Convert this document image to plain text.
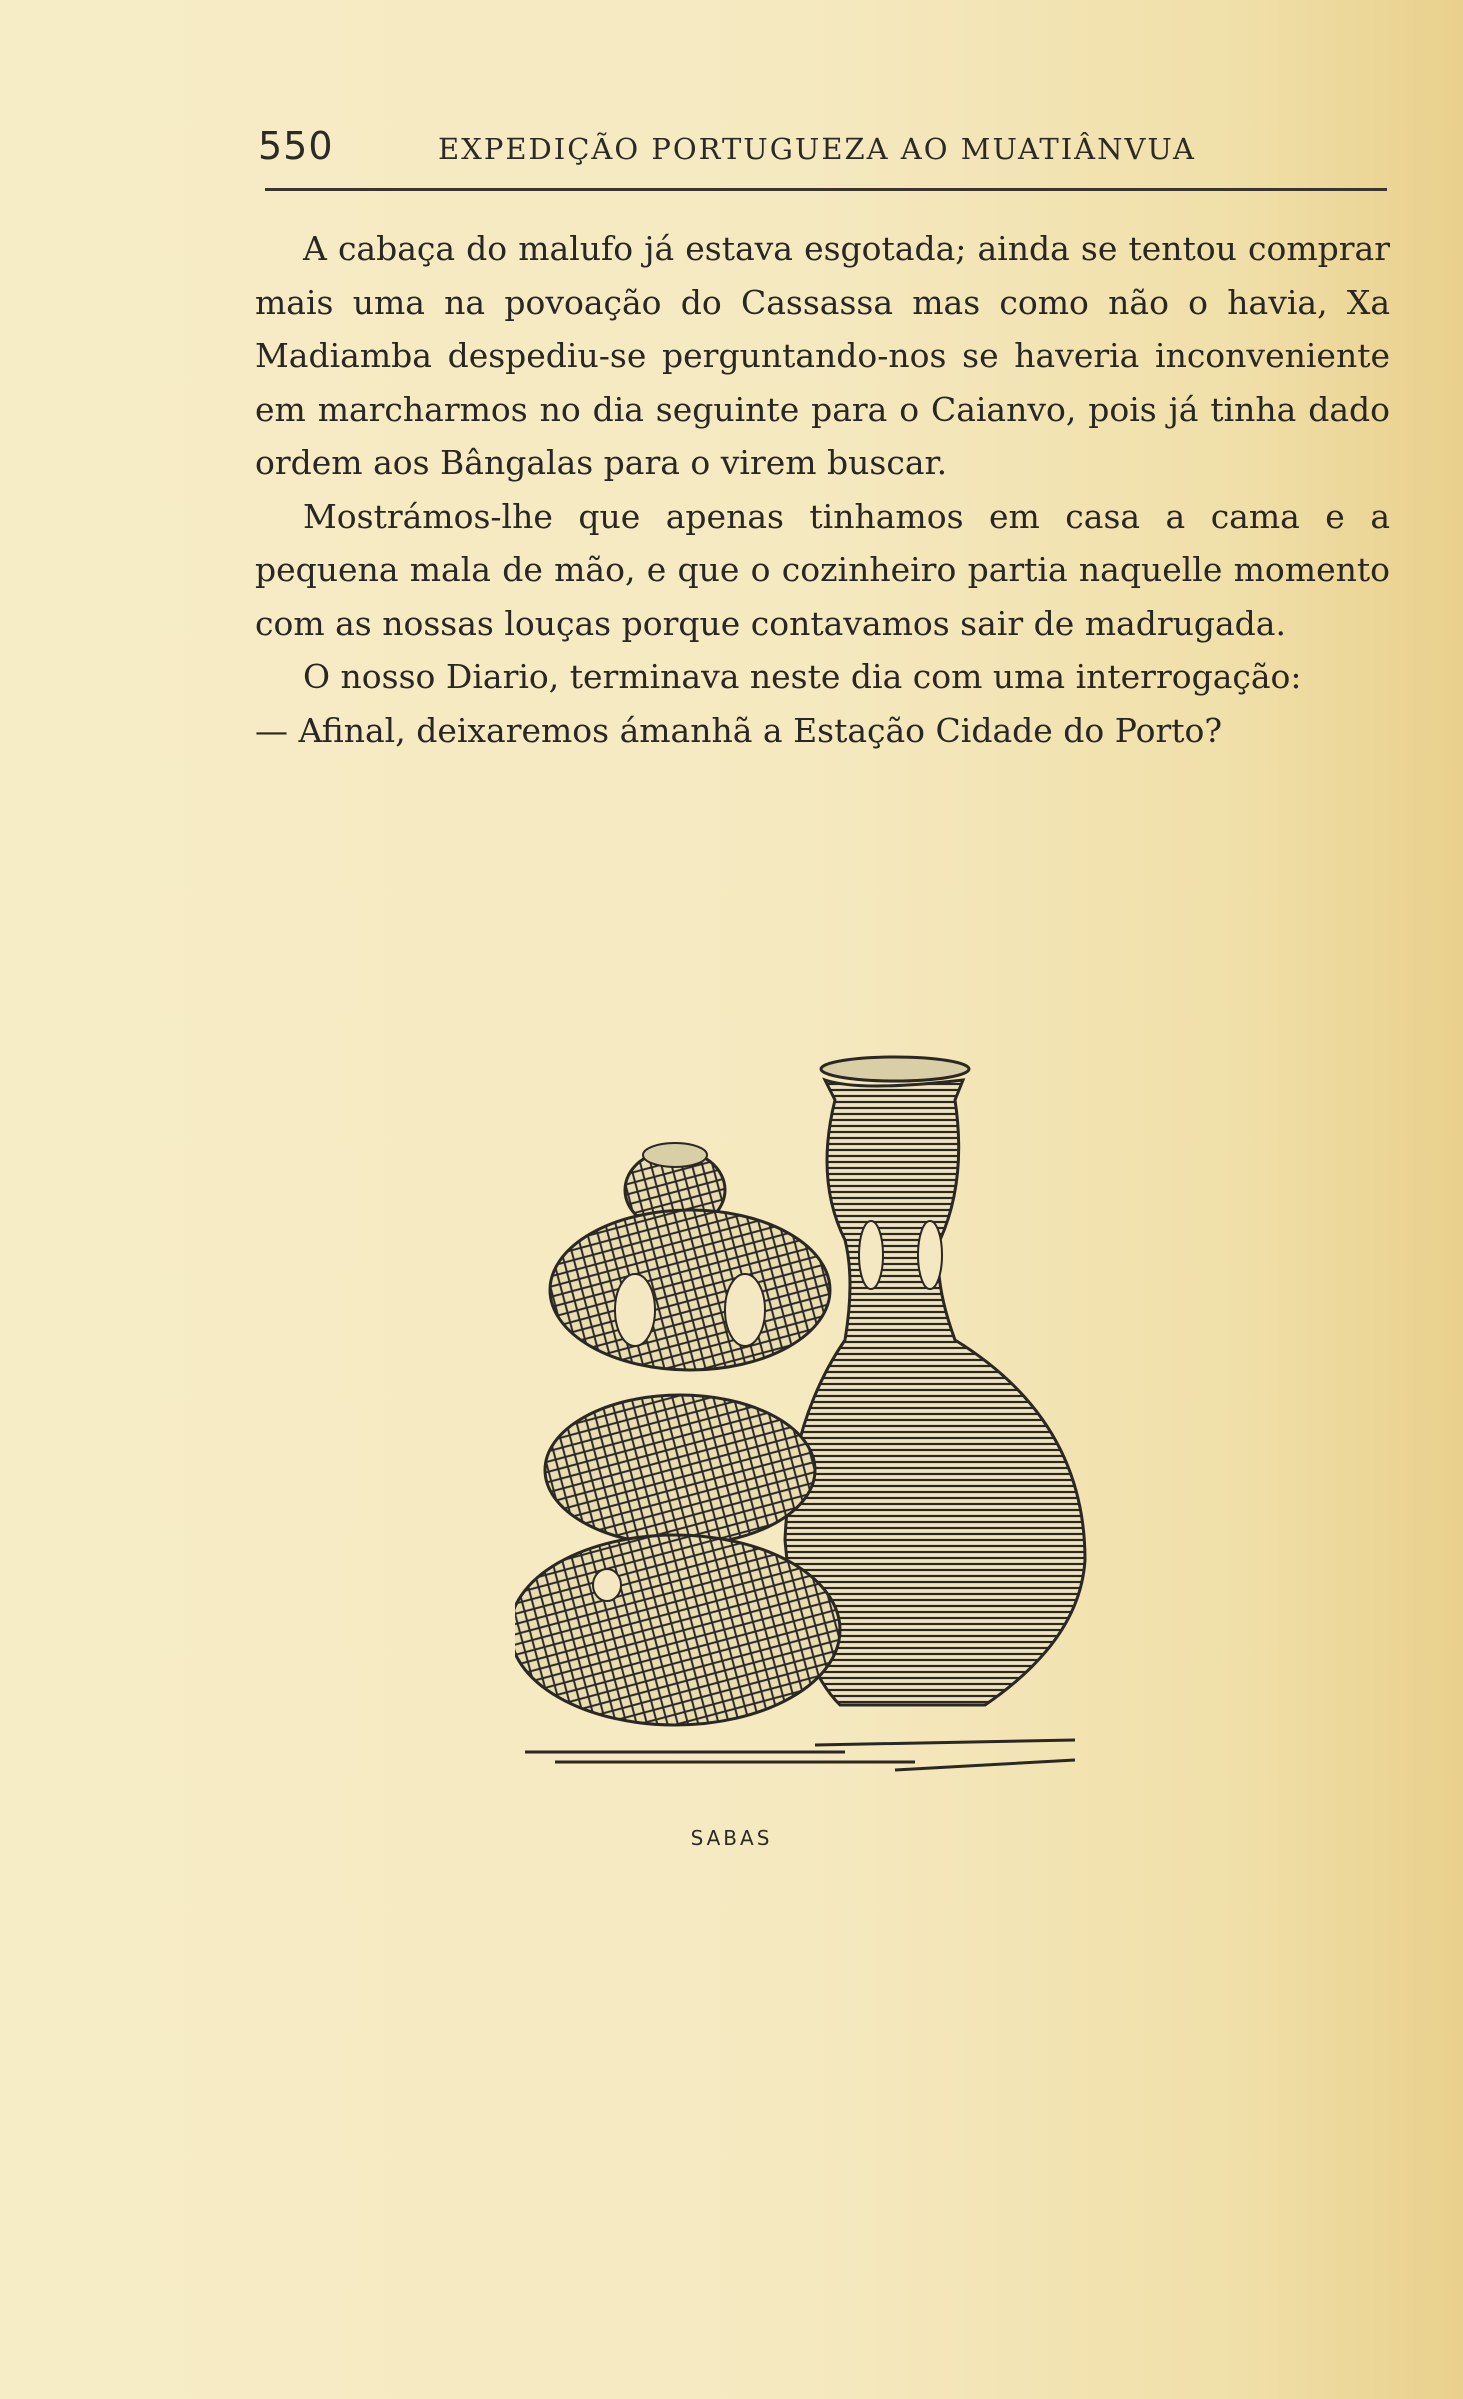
550	EXPEDIÇÃO PORTUGUEZA AO MUATIÂNVUA

A cabaça do malufo já estava esgotada; ainda se tentou comprar mais uma na povoação do Cassassa mas como não o havia, Xa Madiamba despediu-se perguntando-nos se haveria inconveniente em marcharmos no dia seguinte para o Caianvo, pois já tinha dado ordem aos Bângalas para o virem buscar.

Mostrámos-lhe que apenas tinhamos em casa a cama e a pequena mala de mão, e que o cozinheiro partia naquelle momento com as nossas louças porque contavamos sair de madrugada.

O nosso Diario, terminava neste dia com uma interrogação:

— Afinal, deixaremos ámanhã a Estação Cidade do Porto?

SABAS
